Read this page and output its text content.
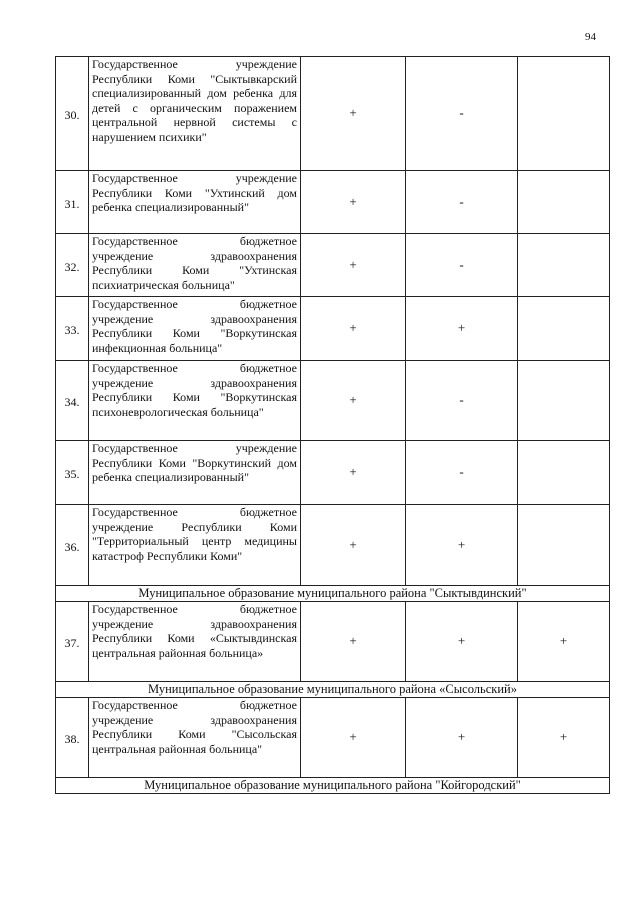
94
30.	Государственное учреждение Республики Коми "Сыктывкарский специализированный дом ребенка для детей с органическим поражением центральной нервной системы с нарушением психики"	+	-	
31.	Государственное учреждение Республики Коми "Ухтинский дом ребенка специализированный"	+	-	
32.	Государственное бюджетное учреждение здравоохранения Республики Коми "Ухтинская психиатрическая больница"	+	-	
33.	Государственное бюджетное учреждение здравоохранения Республики Коми "Воркутинская инфекционная больница"	+	+	
34.	Государственное бюджетное учреждение здравоохранения Республики Коми "Воркутинская психоневрологическая больница"	+	-	
35.	Государственное учреждение Республики Коми "Воркутинский дом ребенка специализированный"	+	-	
36.	Государственное бюджетное учреждение Республики Коми "Территориальный центр медицины катастроф Республики Коми"	+	+	
Муниципальное образование муниципального района "Сыктывдинский"				
37.	Государственное бюджетное учреждение здравоохранения Республики Коми «Сыктывдинская центральная районная больница»	+	+	+
Муниципальное образование муниципального района «Сысольский»				
38.	Государственное бюджетное учреждение здравоохранения Республики Коми "Сысольская центральная районная больница"	+	+	+
Муниципальное образование муниципального района "Койгородский"				
